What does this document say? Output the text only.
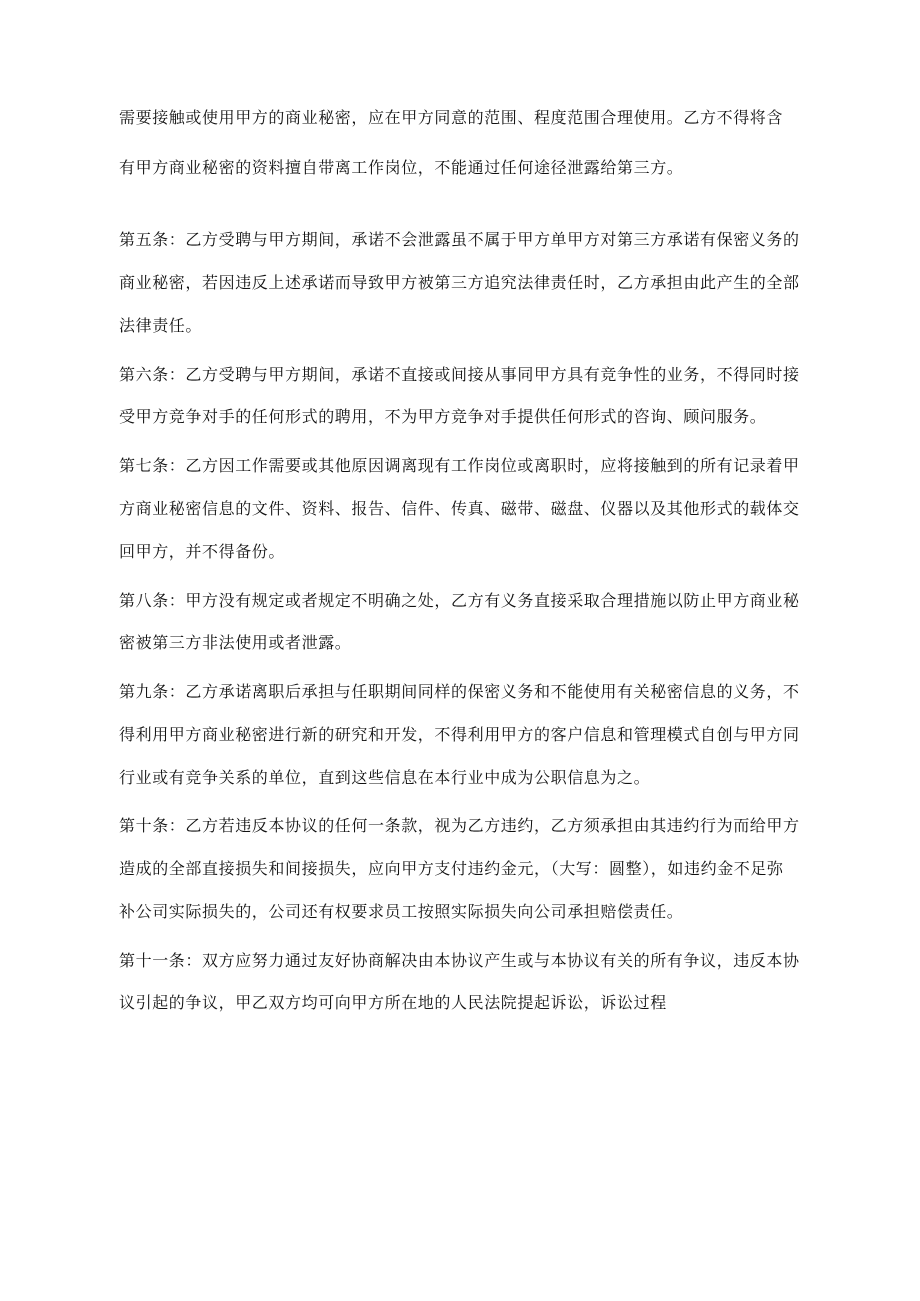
需要接触或使用甲方的商业秘密，应在甲方同意的范围、程度范围合理使用。乙方不得将含
有甲方商业秘密的资料擅自带离工作岗位，不能通过任何途径泄露给第三方。
第五条：乙方受聘与甲方期间，承诺不会泄露虽不属于甲方单甲方对第三方承诺有保密义务的
商业秘密，若因违反上述承诺而导致甲方被第三方追究法律责任时，乙方承担由此产生的全部
法律责任。
第六条：乙方受聘与甲方期间，承诺不直接或间接从事同甲方具有竞争性的业务，不得同时接
受甲方竞争对手的任何形式的聘用，不为甲方竞争对手提供任何形式的咨询、顾问服务。
第七条：乙方因工作需要或其他原因调离现有工作岗位或离职时，应将接触到的所有记录着甲
方商业秘密信息的文件、资料、报告、信件、传真、磁带、磁盘、仪器以及其他形式的载体交
回甲方，并不得备份。
第八条：甲方没有规定或者规定不明确之处，乙方有义务直接采取合理措施以防止甲方商业秘
密被第三方非法使用或者泄露。
第九条：乙方承诺离职后承担与任职期间同样的保密义务和不能使用有关秘密信息的义务，不
得利用甲方商业秘密进行新的研究和开发，不得利用甲方的客户信息和管理模式自创与甲方同
行业或有竞争关系的单位，直到这些信息在本行业中成为公职信息为之。
第十条：乙方若违反本协议的任何一条款，视为乙方违约，乙方须承担由其违约行为而给甲方
造成的全部直接损失和间接损失，应向甲方支付违约金元，（大写：圆整），如违约金不足弥
补公司实际损失的，公司还有权要求员工按照实际损失向公司承担赔偿责任。
第十一条：双方应努力通过友好协商解决由本协议产生或与本协议有关的所有争议，违反本协
议引起的争议，甲乙双方均可向甲方所在地的人民法院提起诉讼，诉讼过程
